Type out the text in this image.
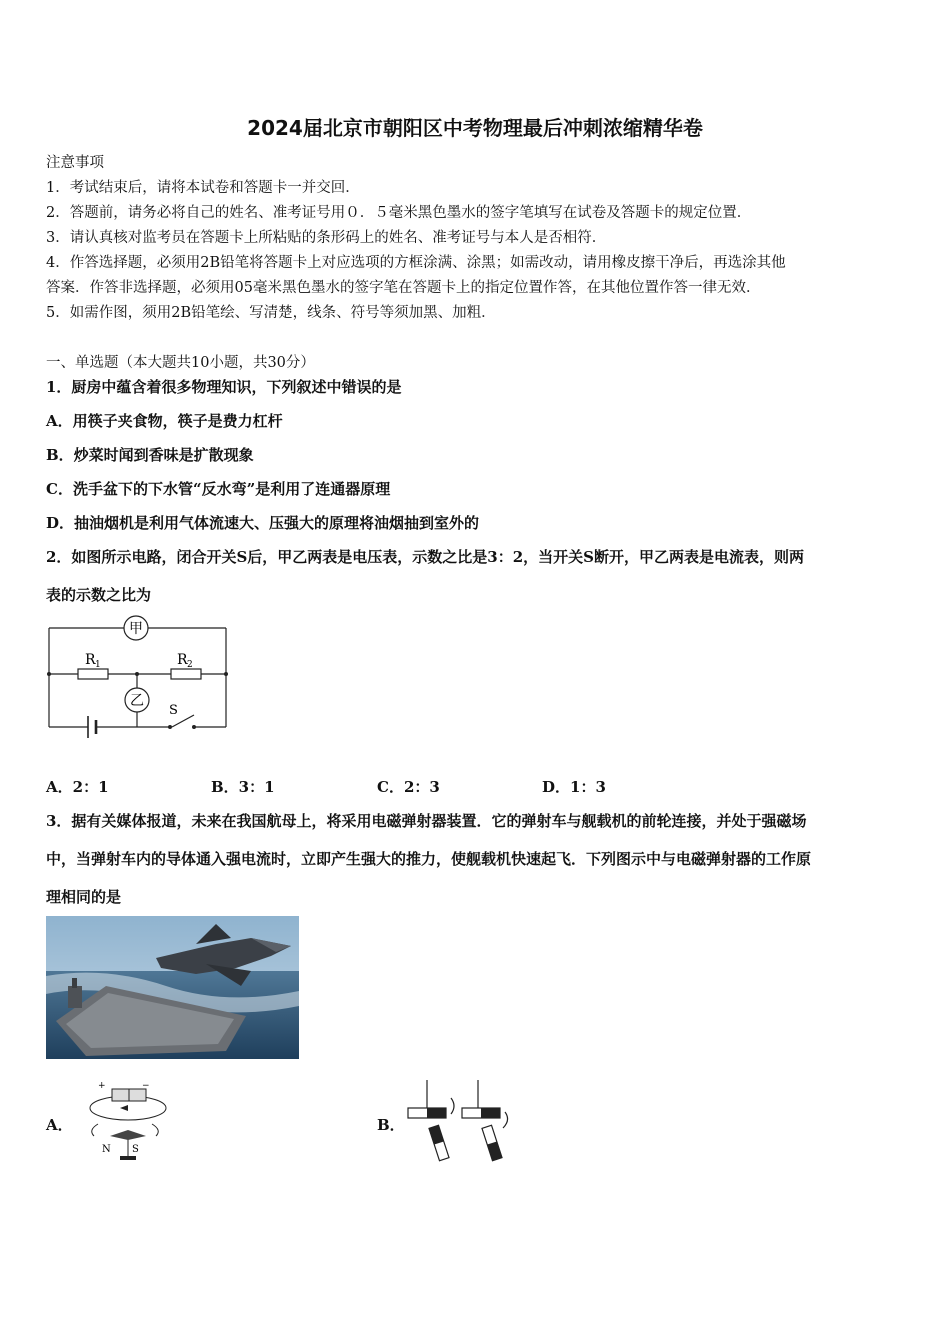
2024届北京市朝阳区中考物理最后冲刺浓缩精华卷
注意事项
1．考试结束后，请将本试卷和答题卡一并交回．
2．答题前，请务必将自己的姓名、准考证号用０．５毫米黑色墨水的签字笔填写在试卷及答题卡的规定位置．
3．请认真核对监考员在答题卡上所粘贴的条形码上的姓名、准考证号与本人是否相符．
4．作答选择题，必须用2B铅笔将答题卡上对应选项的方框涂满、涂黑；如需改动，请用橡皮擦干净后，再选涂其他
答案．作答非选择题，必须用05毫米黑色墨水的签字笔在答题卡上的指定位置作答，在其他位置作答一律无效．
5．如需作图，须用2B铅笔绘、写清楚，线条、符号等须加黑、加粗．
一、单选题（本大题共10小题，共30分）
1．厨房中蕴含着很多物理知识，下列叙述中错误的是
A．用筷子夹食物，筷子是费力杠杆
B．炒菜时闻到香味是扩散现象
C．洗手盆下的下水管“反水弯”是利用了连通器原理
D．抽油烟机是利用气体流速大、压强大的原理将油烟抽到室外的
2．如图所示电路，闭合开关S后，甲乙两表是电压表，示数之比是3：2，当开关S断开，甲乙两表是电流表，则两
表的示数之比为
甲
乙
R 1	R 2
S
A．2：1	B．3：1	C．2：3	D．1：3
3．据有关媒体报道，未来在我国航母上，将采用电磁弹射器装置．它的弹射车与舰载机的前轮连接，并处于强磁场
中，当弹射车内的导体通入强电流时，立即产生强大的推力，使舰载机快速起飞．下列图示中与电磁弹射器的工作原
理相同的是
A．
+	−
N S
B．
